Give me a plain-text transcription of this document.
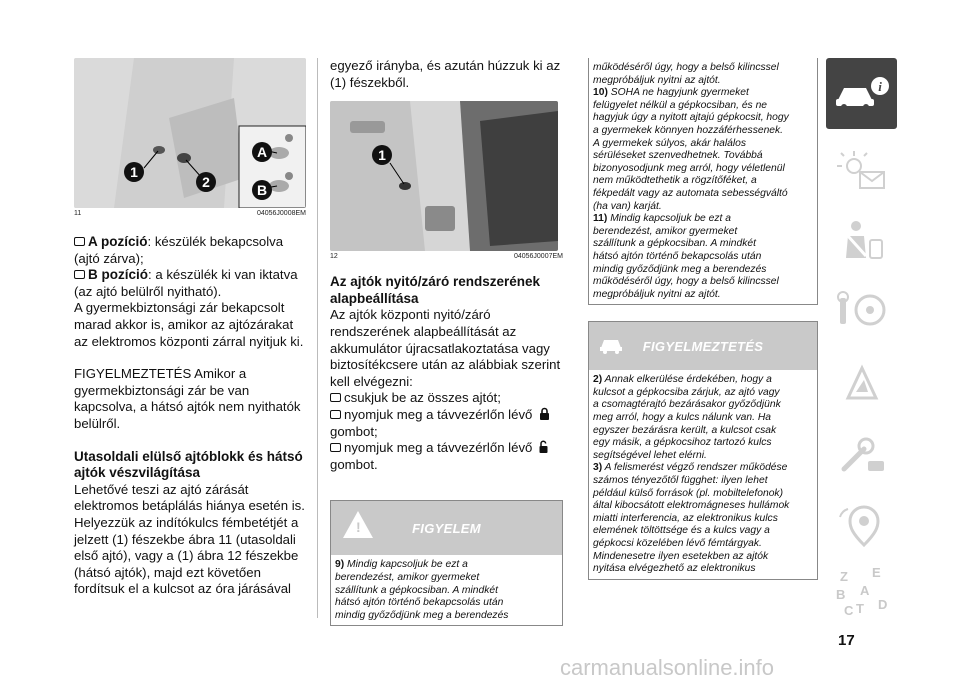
1
2
A
B
11	04056J0008EM
A pozíció: készülék bekapcsolva
(ajtó zárva);
B pozíció: a készülék ki van iktatva
(az ajtó belülről nyitható).
A gyermekbiztonsági zár bekapcsolt
marad akkor is, amikor az ajtózárakat
az elektromos központi zárral nyitjuk ki.
FIGYELMEZTETÉS Amikor a
gyermekbiztonsági zár be van
kapcsolva, a hátsó ajtók nem nyithatók
belülről.
Utasoldali elülső ajtóblokk és hátsó
ajtók vészvilágítása
Lehetővé teszi az ajtó zárását
elektromos betáplálás hiánya esetén is.
Helyezzük az indítókulcs fémbetétjét a
jelzett (1) fészekbe ábra 11 (utasoldali
első ajtó), vagy a (1) ábra 12 fészekbe
(hátsó ajtók), majd ezt követően
fordítsuk el a kulcsot az óra járásával
egyező irányba, és azután húzzuk ki az
(1) fészekből.
1
12	04056J0007EM
Az ajtók nyitó/záró rendszerének
alapbeállítása
Az ajtók központi nyitó/záró
rendszerének alapbeállítását az
akkumulátor újracsatlakoztatása vagy
biztosítékcsere után az alábbiak szerint
kell elvégezni:
csukjuk be az összes ajtót;
nyomjuk meg a távvezérlőn lévő
gombot;
nyomjuk meg a távvezérlőn lévő
gombot.
!	FIGYELEM
9) Mindig kapcsoljuk be ezt a
berendezést, amikor gyermeket
szállítunk a gépkocsiban. A mindkét
hátsó ajtón történő bekapcsolás után
mindig győződjünk meg a berendezés
működéséről úgy, hogy a belső kilincssel
megpróbáljuk nyitni az ajtót.
10) SOHA ne hagyjunk gyermeket
felügyelet nélkül a gépkocsiban, és ne
hagyjuk úgy a nyitott ajtajú gépkocsit, hogy
a gyermekek könnyen hozzáférhessenek.
A gyermekek súlyos, akár halálos
sérüléseket szenvedhetnek. Továbbá
bizonyosodjunk meg arról, hogy véletlenül
nem működtethetik a rögzítőféket, a
fékpedált vagy az automata sebességváltó
(ha van) karját.
11) Mindig kapcsoljuk be ezt a
berendezést, amikor gyermeket
szállítunk a gépkocsiban. A mindkét
hátsó ajtón történő bekapcsolás után
mindig győződjünk meg a berendezés
működéséről úgy, hogy a belső kilincssel
megpróbáljuk nyitni az ajtót.
FIGYELMEZTETÉS
2) Annak elkerülése érdekében, hogy a
kulcsot a gépkocsiba zárjuk, az ajtó vagy
a csomagtérajtó bezárásakor győződjünk
meg arról, hogy a kulcs nálunk van. Ha
egyszer bezárásra került, a kulcsot csak
egy másik, a gépkocsihoz tartozó kulcs
segítségével lehet elérni.
3) A felismerést végző rendszer működése
számos tényezőtől függhet: ilyen lehet
például külső források (pl. mobiltelefonok)
által kibocsátott elektromágneses hullámok
miatti interferencia, az elektronikus kulcs
elemének töltöttsége és a kulcs vagy a
gépkocsi közelében lévő fémtárgyak.
Mindenesetre ilyen esetekben az ajtók
nyitása elvégezhető az elektronikus
i
Z E
B A
C T D
17
carmanualsonline.info
